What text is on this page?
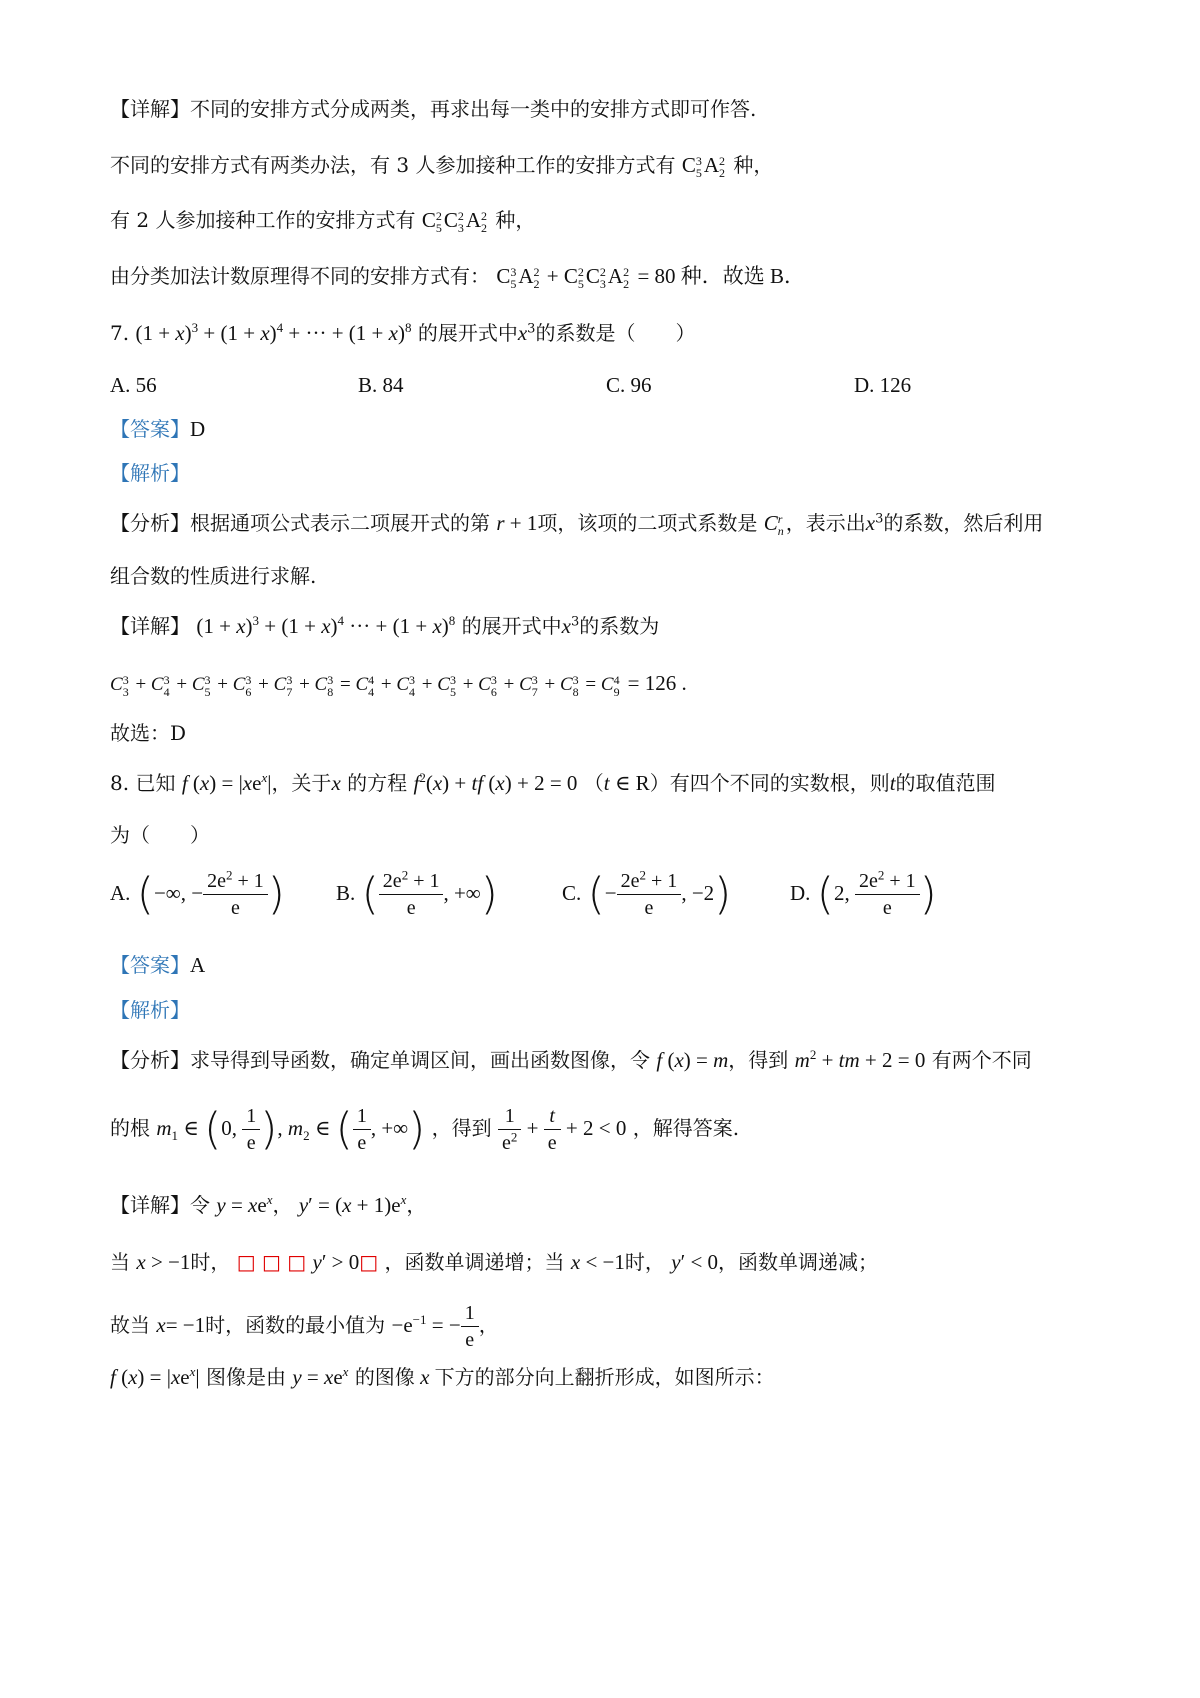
【详解】不同的安排方式分成两类，再求出每一类中的安排方式即可作答.
不同的安排方式有两类办法，有 3 人参加接种工作的安排方式有 C 3
5 A 2
2 种，
有 2 人参加接种工作的安排方式有 C 2
5 C 2
3 A 2
2 种，
由分类加法计数原理得不同的安排方式有： C 3
5 A 2
2 + C 2
5 C 2
3 A 2
2 = 80 种．故选 B．
7. $(1 + x)^3 + (1 + x)^4$ + ··· + $(1 + x)^8$ 的展开式中$x^3$的系数是（　　）
A. 56	B. 84	C. 96	D. 126
【答案】D
【解析】
【分析】根据通项公式表示二项展开式的第 r + 1项，该项的二项式系数是 C r
n ，表示出$x^3$的系数，然后利用
组合数的性质进行求解.
【详解】 $(1 + x)^3 + (1 + x)^4$ ··· + $(1 + x)^8$ 的展开式中$x^3$的系数为
C 3
3 + C 3
4 + C 3
5 + C 3
6 + C 3
7 + C 3
8 = C 4
4 + C 3
4 + C 3
5 + C 3
6 + C 3
7 + C 3
8 = C 4
9 = 126 .
故选：D
8. 已知 f $(x) = |xe^x|$，关于x 的方程 $f^2(x)$ + tf (x) + 2 = 0 （t ∈ R）有四个不同的实数根，则t的取值范围
为（　　）
A. (−∞, − $\frac{2e^2 + 1}{e}$ ) B. ( $\frac{2e^2 + 1}{e}$ , +∞)	C. (− $\frac{2e^2 + 1}{e}$ , −2)	D. (2, $\frac{2e^2 + 1}{e}$ )
【答案】A
【解析】
【分析】求导得到导函数，确定单调区间，画出函数图像，令 f (x) = m，得到 $m^2$ + tm + 2 = 0 有两个不同
的根 $m_1$ ∈ (0, $\frac{1}{e}$ ), $m_2$ ∈ ( $\frac{1}{e}$ , +∞) ，得到 $\frac{1}{e^2} + \frac{t}{e} + 2 < 0$ ，解得答案.
【详解】令 $y = xe^x$， $y' = (x + 1)e^x$，
当 x > −1时， □ □ □ y′ > 0□ ，函数单调递增；当 x < −1时， y′ < 0，函数单调递减；
故当 x= −1时，函数的最小值为 $-e^{-1}$ = − $\frac{1}{e}$ ，
f $(x) = |xe^x|$ 图像是由 $y = xe^x$ 的图像 x 下方的部分向上翻折形成，如图所示：
